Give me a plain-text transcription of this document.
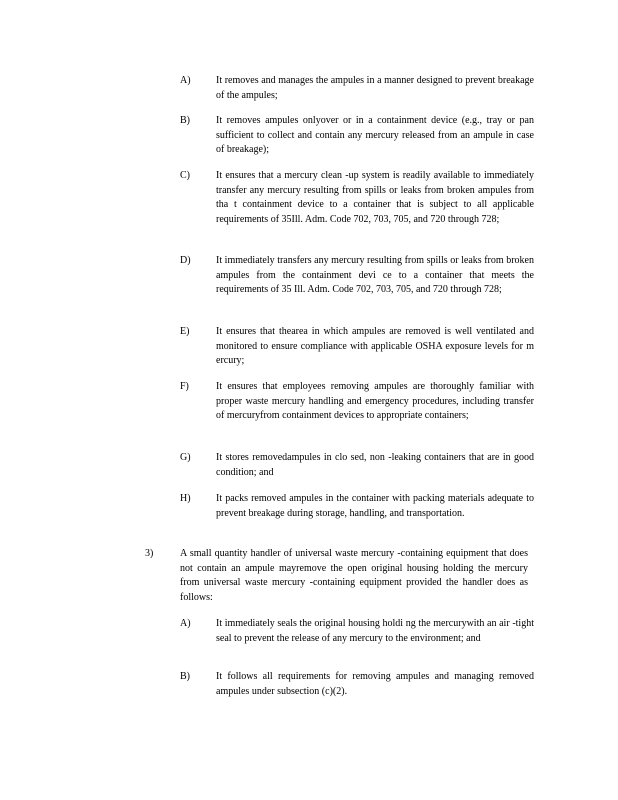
A)	It removes and manages the ampules in a manner designed to prevent breakage of the ampules;
B)	It removes ampules onlyover or in a containment device (e.g., tray or pan sufficient to collect and contain any mercury released from an ampule in case of breakage);
C)	It ensures that a mercury clean -up system is readily available to immediately transfer any mercury resulting from spills or leaks from broken ampules from tha t containment device to a container that is subject to all applicable requirements of 35Ill. Adm. Code 702, 703, 705, and 720 through 728;
D)	It immediately transfers any mercury resulting from spills or leaks from broken ampules from the containment devi ce to a container that meets the requirements of 35 Ill. Adm. Code 702, 703, 705, and 720 through 728;
E)	It ensures that thearea in which ampules are removed is well ventilated and monitored to ensure compliance with applicable OSHA exposure levels for m ercury;
F)	It ensures that employees removing ampules are thoroughly familiar with proper waste mercury handling and emergency procedures, including transfer of mercuryfrom containment devices to appropriate containers;
G)	It stores removedampules in clo sed, non -leaking containers that are in good condition; and
H)	It packs removed ampules in the container with packing materials adequate to prevent breakage during storage, handling, and transportation.
3)	A small quantity handler of universal waste mercury -containing equipment that does not contain an ampule mayremove the open original housing holding the mercury from universal waste mercury -containing equipment provided the handler does as follows:
A)	It immediately seals the original housing holdi ng the mercurywith an air -tight seal to prevent the release of any mercury to the environment; and
B)	It follows all requirements for removing ampules and managing removed ampules under subsection (c)(2).
